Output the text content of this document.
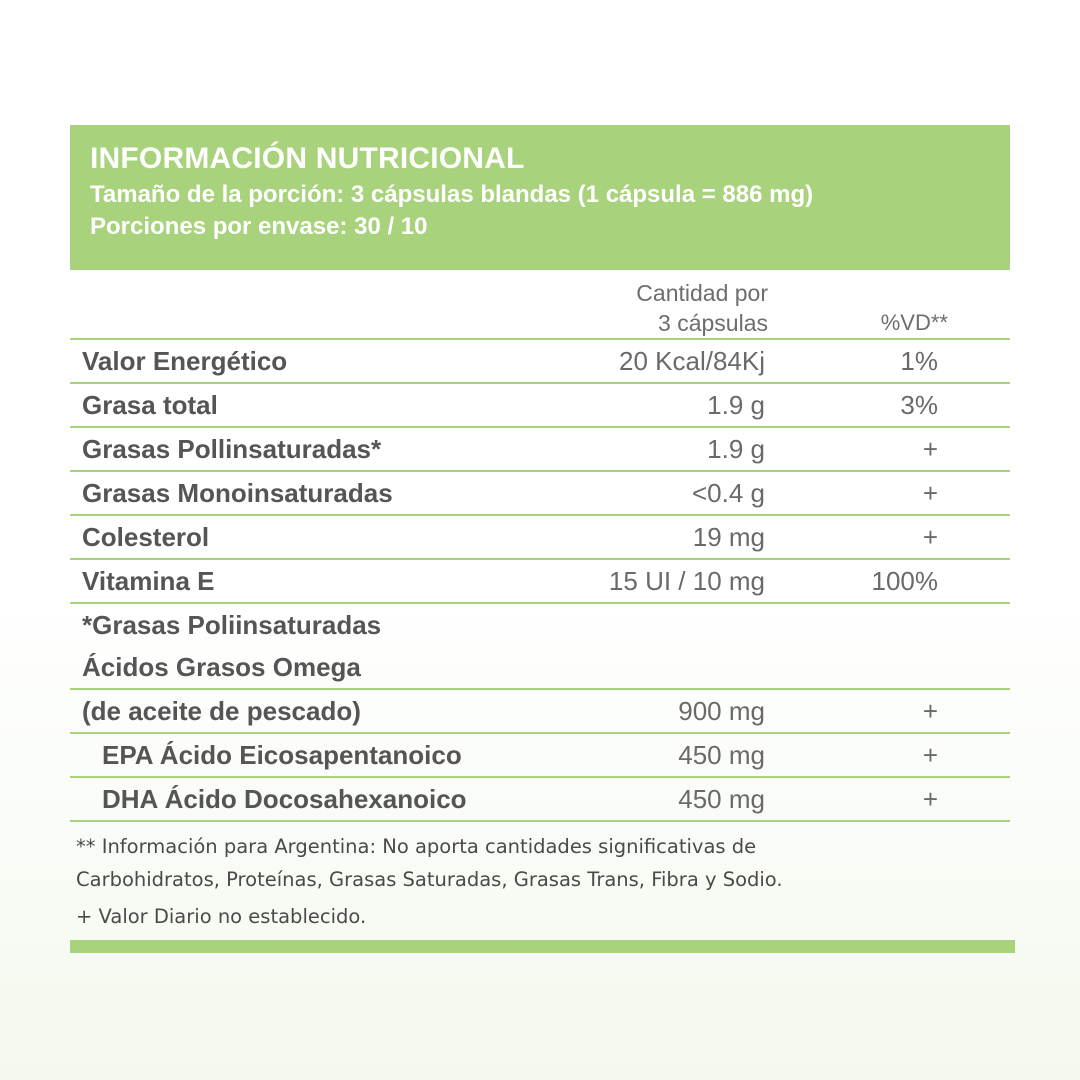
INFORMACIÓN NUTRICIONAL
Tamaño de la porción: 3 cápsulas blandas (1 cápsula = 886 mg)
Porciones por envase: 30 / 10
Cantidad por
3 cápsulas	%VD**
Valor Energético	20 Kcal/84Kj	1%
Grasa total	1.9 g	3%
Grasas Pollinsaturadas*	1.9 g	+
Grasas Monoinsaturadas	<0.4 g	+
Colesterol	19 mg	+
Vitamina E	15 UI / 10 mg	100%
*Grasas Poliinsaturadas
Ácidos Grasos Omega
(de aceite de pescado)	900 mg	+
EPA Ácido Eicosapentanoico	450 mg	+
DHA Ácido Docosahexanoico	450 mg	+
** Información para Argentina: No aporta cantidades significativas de
Carbohidratos, Proteínas, Grasas Saturadas, Grasas Trans, Fibra y Sodio.
+ Valor Diario no establecido.
